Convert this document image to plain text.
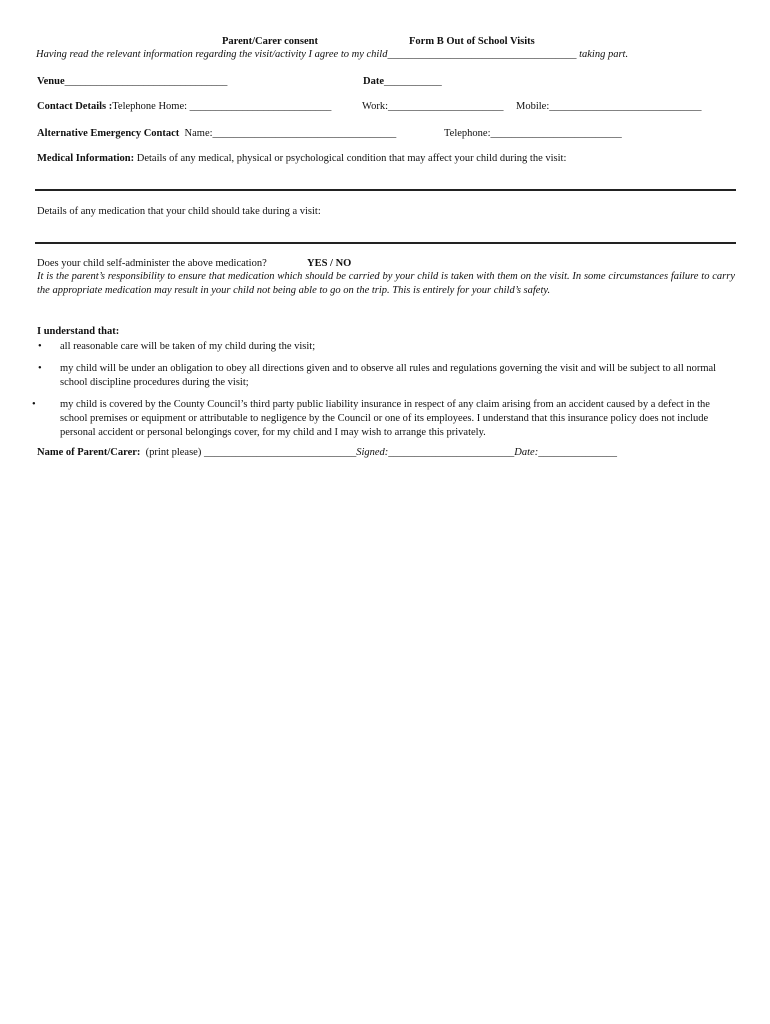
Parent/Carer consent	Form B Out of School Visits
Having read the relevant information regarding the visit/activity I agree to my child____________________________________ taking part.
Venue_______________________________	Date___________
Contact Details :Telephone Home: ___________________________	Work:______________________ Mobile:_____________________________
Alternative Emergency Contact Name:___________________________________	Telephone:_________________________
Medical Information: Details of any medical, physical or psychological condition that may affect your child during the visit:
Details of any medication that your child should take during a visit:
Does your child self-administer the above medication?	YES / NO
It is the parent’s responsibility to ensure that medication which should be carried by your child is taken with them on the visit. In some circumstances failure to carry the appropriate medication may result in your child not being able to go on the trip. This is entirely for your child’s safety.
I understand that:
• all reasonable care will be taken of my child during the visit;
• my child will be under an obligation to obey all directions given and to observe all rules and regulations governing the visit and will be subject to all normal school discipline procedures during the visit;
• my child is covered by the County Council’s third party public liability insurance in respect of any claim arising from an accident caused by a defect in the school premises or equipment or attributable to negligence by the Council or one of its employees. I understand that this insurance policy does not include personal accident or personal belongings cover, for my child and I may wish to arrange this privately.
Name of Parent/Carer: (print please) _____________________________Signed:________________________Date:_______________
